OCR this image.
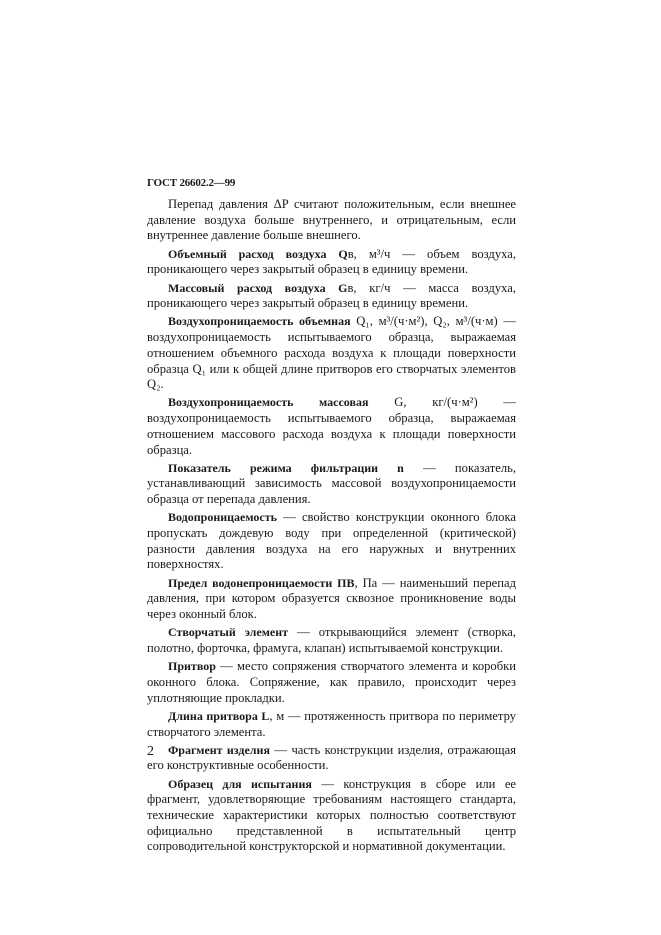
ГОСТ 26602.2—99

Перепад давления ΔP считают положительным, если внешнее давление воздуха больше внутреннего, и отрицательным, если внутреннее давление больше внешнего.

Объемный расход воздуха Qв, м³/ч — объем воздуха, проникающего через закрытый образец в единицу времени.

Массовый расход воздуха Gв, кг/ч — масса воздуха, проникающего через закрытый образец в единицу времени.

Воздухопроницаемость объемная Q₁, м³/(ч·м²), Q₂, м³/(ч·м) — воздухопроницаемость испытываемого образца, выражаемая отношением объемного расхода воздуха к площади поверхности образца Q₁ или к общей длине притворов его створчатых элементов Q₂.

Воздухопроницаемость массовая G, кг/(ч·м²) — воздухопроницаемость испытываемого образца, выражаемая отношением массового расхода воздуха к площади поверхности образца.

Показатель режима фильтрации n — показатель, устанавливающий зависимость массовой воздухопроницаемости образца от перепада давления.

Водопроницаемость — свойство конструкции оконного блока пропускать дождевую воду при определенной (критической) разности давления воздуха на его наружных и внутренних поверхностях.

Предел водонепроницаемости ПВ, Па — наименьший перепад давления, при котором образуется сквозное проникновение воды через оконный блок.

Створчатый элемент — открывающийся элемент (створка, полотно, форточка, фрамуга, клапан) испытываемой конструкции.

Притвор — место сопряжения створчатого элемента и коробки оконного блока. Сопряжение, как правило, происходит через уплотняющие прокладки.

Длина притвора L, м — протяженность притвора по периметру створчатого элемента.

Фрагмент изделия — часть конструкции изделия, отражающая его конструктивные особенности.

Образец для испытания — конструкция в сборе или ее фрагмент, удовлетворяющие требованиям настоящего стандарта, технические характеристики которых полностью соответствуют официально представленной в испытательный центр сопроводительной конструкторской и нормативной документации.

2
